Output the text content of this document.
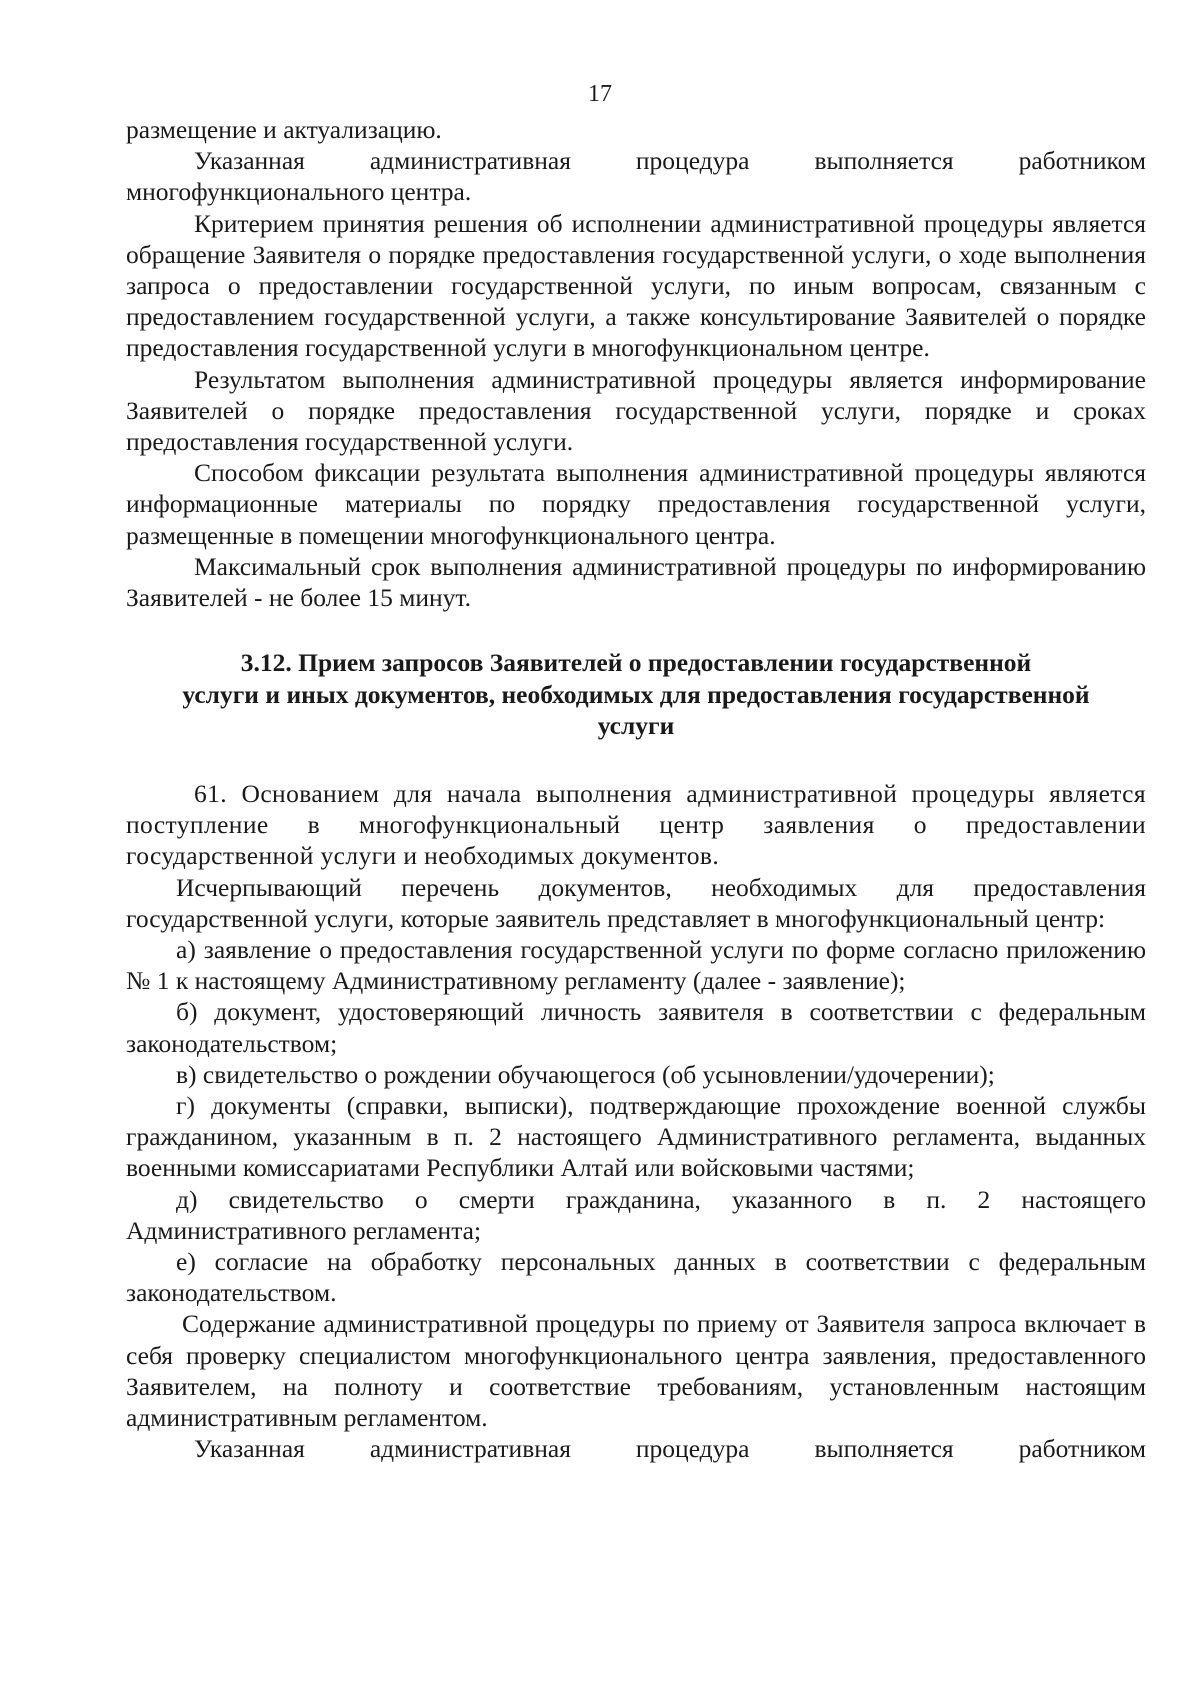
17

размещение и актуализацию.

Указанная административная процедура выполняется работником многофункционального центра.

Критерием принятия решения об исполнении административной процедуры является обращение Заявителя о порядке предоставления государственной услуги, о ходе выполнения запроса о предоставлении государственной услуги, по иным вопросам, связанным с предоставлением государственной услуги, а также консультирование Заявителей о порядке предоставления государственной услуги в многофункциональном центре.

Результатом выполнения административной процедуры является информирование Заявителей о порядке предоставления государственной услуги, порядке и сроках предоставления государственной услуги.

Способом фиксации результата выполнения административной процедуры являются информационные материалы по порядку предоставления государственной услуги, размещенные в помещении многофункционального центра.

Максимальный срок выполнения административной процедуры по информированию Заявителей - не более 15 минут.

3.12. Прием запросов Заявителей о предоставлении государственной
услуги и иных документов, необходимых для предоставления государственной
услуги

61. Основанием для начала выполнения административной процедуры является поступление в многофункциональный центр заявления о предоставлении государственной услуги и необходимых документов.

Исчерпывающий перечень документов, необходимых для предоставления государственной услуги, которые заявитель представляет в многофункциональный центр:

а) заявление о предоставления государственной услуги по форме согласно приложению № 1 к настоящему Административному регламенту (далее - заявление);

б) документ, удостоверяющий личность заявителя в соответствии с федеральным законодательством;

в) свидетельство о рождении обучающегося (об усыновлении/удочерении);

г) документы (справки, выписки), подтверждающие прохождение военной службы гражданином, указанным в п. 2 настоящего Административного регламента, выданных военными комиссариатами Республики Алтай или войсковыми частями;

д) свидетельство о смерти гражданина, указанного в п. 2 настоящего Административного регламента;

е) согласие на обработку персональных данных в соответствии с федеральным законодательством.

Содержание административной процедуры по приему от Заявителя запроса включает в себя проверку специалистом многофункционального центра заявления, предоставленного Заявителем, на полноту и соответствие требованиям, установленным настоящим административным регламентом.

Указанная административная процедура выполняется работником
